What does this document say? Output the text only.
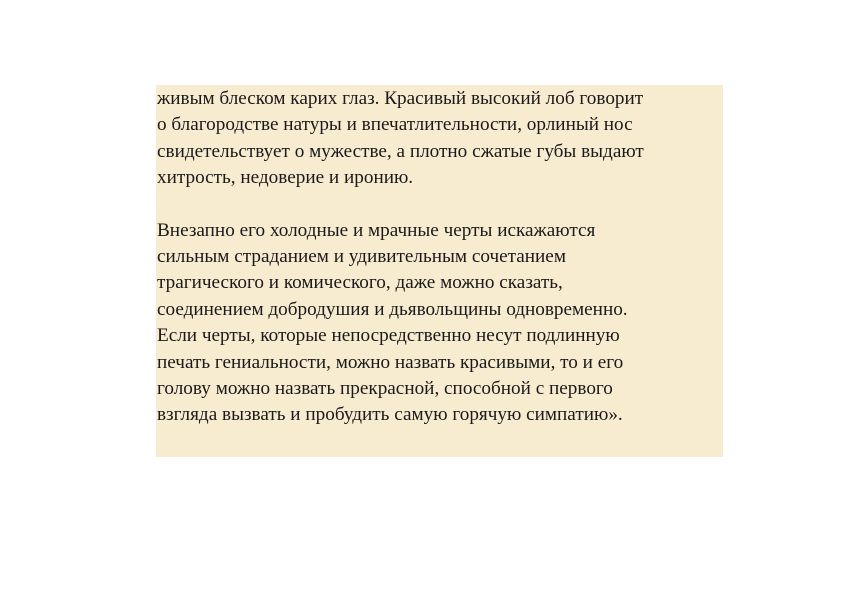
живым блеском карих глаз. Красивый высокий лоб говорит
о благородстве натуры и впечатлительности, орлиный нос
свидетельствует о мужестве, а плотно сжатые губы выдают
хитрость, недоверие и иронию.

Внезапно его холодные и мрачные черты искажаются
сильным страданием и удивительным сочетанием
трагического и комического, даже можно сказать,
соединением добродушия и дьявольщины одновременно.
Если черты, которые непосредственно несут подлинную
печать гениальности, можно назвать красивыми, то и его
голову можно назвать прекрасной, способной с первого
взгляда вызвать и пробудить самую горячую симпатию».
